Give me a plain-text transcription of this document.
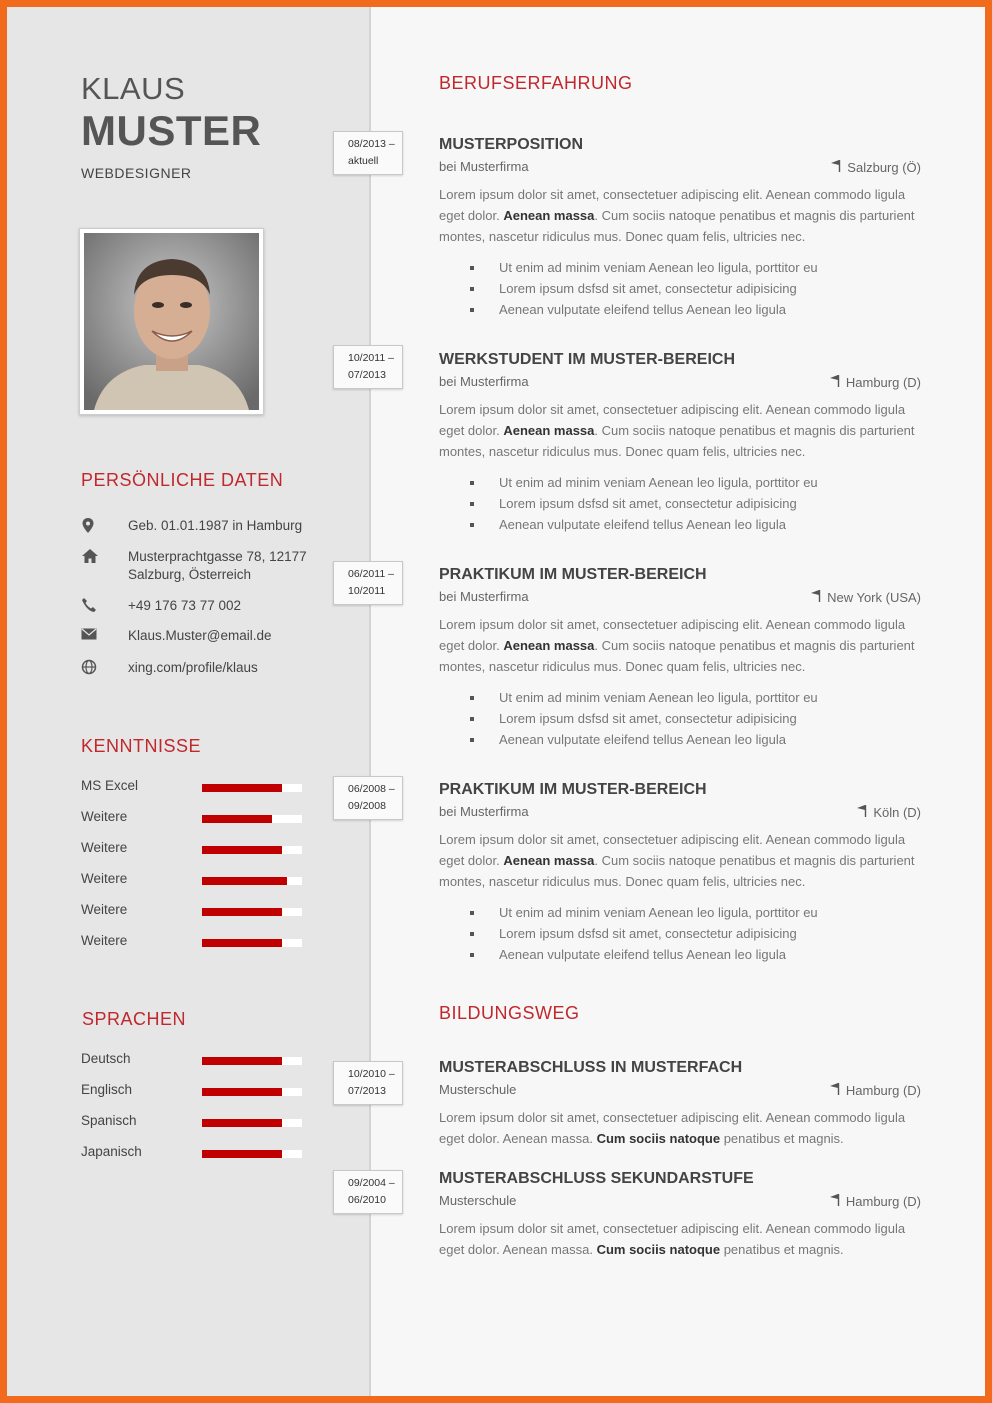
KLAUS
MUSTER
WEBDESIGNER
PERSÖNLICHE DATEN
Geb. 01.01.1987 in Hamburg
Musterprachtgasse 78, 12177 Salzburg, Österreich
+49 176 73 77 002
Klaus.Muster@email.de
xing.com/profile/klaus
KENNTNISSE
MS Excel
Weitere
Weitere
Weitere
Weitere
Weitere
SPRACHEN
Deutsch
Englisch
Spanisch
Japanisch
BERUFSERFAHRUNG
BILDUNGSWEG
08/2013 –
aktuell
MUSTERPOSITION
bei Musterfirma	Salzburg (Ö)
Lorem ipsum dolor sit amet, consectetuer adipiscing elit. Aenean commodo ligula eget dolor. Aenean massa. Cum sociis natoque penatibus et magnis dis parturient montes, nascetur ridiculus mus. Donec quam felis, ultricies nec.
Ut enim ad minim veniam Aenean leo ligula, porttitor eu
Lorem ipsum dsfsd sit amet, consectetur adipisicing
Aenean vulputate eleifend tellus Aenean leo ligula
10/2011 –
07/2013
WERKSTUDENT IM MUSTER-BEREICH
bei Musterfirma	Hamburg (D)
Lorem ipsum dolor sit amet, consectetuer adipiscing elit. Aenean commodo ligula eget dolor. Aenean massa. Cum sociis natoque penatibus et magnis dis parturient montes, nascetur ridiculus mus. Donec quam felis, ultricies nec.
Ut enim ad minim veniam Aenean leo ligula, porttitor eu
Lorem ipsum dsfsd sit amet, consectetur adipisicing
Aenean vulputate eleifend tellus Aenean leo ligula
06/2011 –
10/2011
PRAKTIKUM IM MUSTER-BEREICH
bei Musterfirma	New York (USA)
Lorem ipsum dolor sit amet, consectetuer adipiscing elit. Aenean commodo ligula eget dolor. Aenean massa. Cum sociis natoque penatibus et magnis dis parturient montes, nascetur ridiculus mus. Donec quam felis, ultricies nec.
Ut enim ad minim veniam Aenean leo ligula, porttitor eu
Lorem ipsum dsfsd sit amet, consectetur adipisicing
Aenean vulputate eleifend tellus Aenean leo ligula
06/2008 –
09/2008
PRAKTIKUM IM MUSTER-BEREICH
bei Musterfirma	Köln (D)
Lorem ipsum dolor sit amet, consectetuer adipiscing elit. Aenean commodo ligula eget dolor. Aenean massa. Cum sociis natoque penatibus et magnis dis parturient montes, nascetur ridiculus mus. Donec quam felis, ultricies nec.
Ut enim ad minim veniam Aenean leo ligula, porttitor eu
Lorem ipsum dsfsd sit amet, consectetur adipisicing
Aenean vulputate eleifend tellus Aenean leo ligula
10/2010 –
07/2013
MUSTERABSCHLUSS IN MUSTERFACH
Musterschule	Hamburg (D)
Lorem ipsum dolor sit amet, consectetuer adipiscing elit. Aenean commodo ligula eget dolor. Aenean massa. Cum sociis natoque penatibus et magnis.
09/2004 –
06/2010
MUSTERABSCHLUSS SEKUNDARSTUFE
Musterschule	Hamburg (D)
Lorem ipsum dolor sit amet, consectetuer adipiscing elit. Aenean commodo ligula eget dolor. Aenean massa. Cum sociis natoque penatibus et magnis.
